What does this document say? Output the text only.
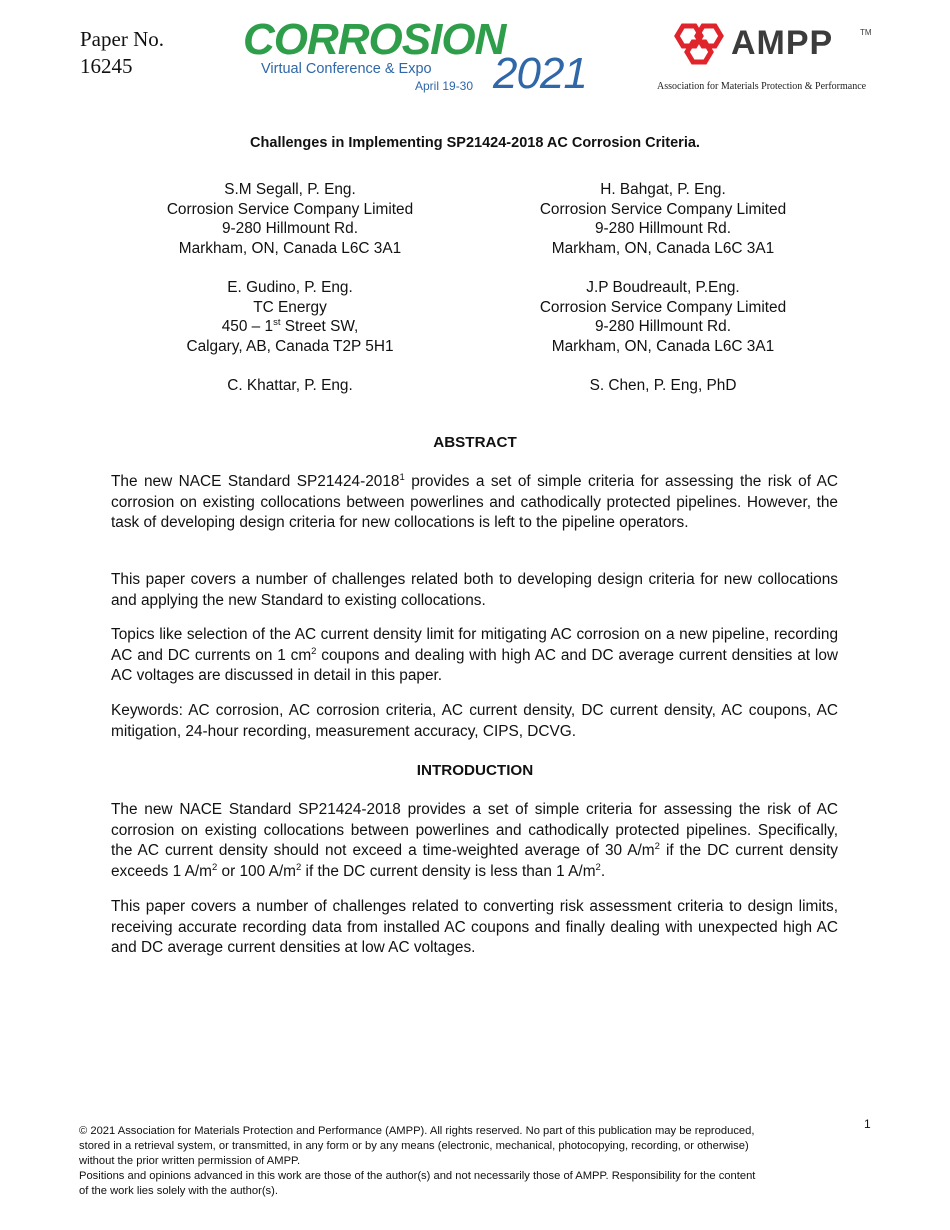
Paper No.
16245
CORROSION
Virtual Conference & Expo
April 19-30 2021
AMPP	TM
Association for Materials Protection & Performance
Challenges in Implementing SP21424-2018 AC Corrosion Criteria.
S.M Segall, P. Eng.
Corrosion Service Company Limited
9-280 Hillmount Rd.
Markham, ON, Canada L6C 3A1
H. Bahgat, P. Eng.
Corrosion Service Company Limited
9-280 Hillmount Rd.
Markham, ON, Canada L6C 3A1
E. Gudino, P. Eng.
TC Energy
450 – 1st Street SW,
Calgary, AB, Canada T2P 5H1
J.P Boudreault, P.Eng.
Corrosion Service Company Limited
9-280 Hillmount Rd.
Markham, ON, Canada L6C 3A1
C. Khattar, P. Eng.	S. Chen, P. Eng, PhD
ABSTRACT
The new NACE Standard SP21424-2018$^1$ provides a set of simple criteria for assessing the risk of AC corrosion on existing collocations between powerlines and cathodically protected pipelines. However, the task of developing design criteria for new collocations is left to the pipeline operators.
This paper covers a number of challenges related both to developing design criteria for new collocations and applying the new Standard to existing collocations.
Topics like selection of the AC current density limit for mitigating AC corrosion on a new pipeline, recording AC and DC currents on 1 $cm^2$ coupons and dealing with high AC and DC average current densities at low AC voltages are discussed in detail in this paper.
Keywords: AC corrosion, AC corrosion criteria, AC current density, DC current density, AC coupons, AC mitigation, 24-hour recording, measurement accuracy, CIPS, DCVG.
INTRODUCTION
The new NACE Standard SP21424-2018 provides a set of simple criteria for assessing the risk of AC corrosion on existing collocations between powerlines and cathodically protected pipelines. Specifically, the AC current density should not exceed a time-weighted average of 30 $A/m^2$ if the DC current density exceeds 1 $A/m^2$ or 100 $A/m^2$ if the DC current density is less than 1 $A/m^2$.
This paper covers a number of challenges related to converting risk assessment criteria to design limits, receiving accurate recording data from installed AC coupons and finally dealing with unexpected high AC and DC average current densities at low AC voltages.
1
© 2021 Association for Materials Protection and Performance (AMPP). All rights reserved. No part of this publication may be reproduced,
stored in a retrieval system, or transmitted, in any form or by any means (electronic, mechanical, photocopying, recording, or otherwise)
without the prior written permission of AMPP.
Positions and opinions advanced in this work are those of the author(s) and not necessarily those of AMPP. Responsibility for the content
of the work lies solely with the author(s).
